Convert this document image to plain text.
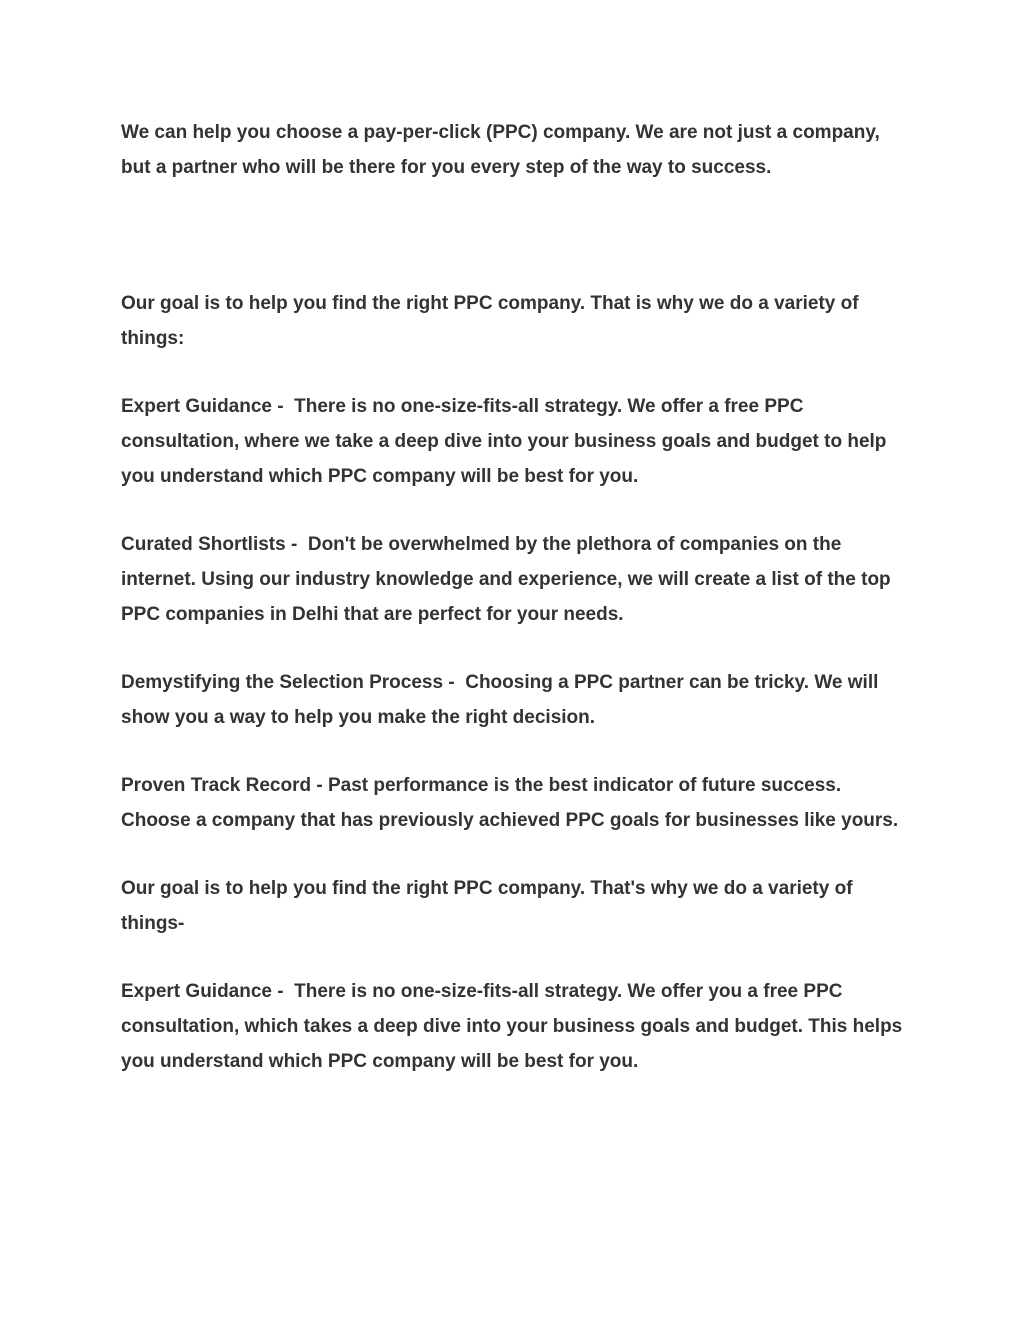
We can help you choose a pay-per-click (PPC) company. We are not just a company, but a partner who will be there for you every step of the way to success.

Our goal is to help you find the right PPC company. That is why we do a variety of things:

Expert Guidance -  There is no one-size-fits-all strategy. We offer a free PPC consultation, where we take a deep dive into your business goals and budget to help you understand which PPC company will be best for you.

Curated Shortlists -  Don't be overwhelmed by the plethora of companies on the internet. Using our industry knowledge and experience, we will create a list of the top PPC companies in Delhi that are perfect for your needs.

Demystifying the Selection Process -  Choosing a PPC partner can be tricky. We will show you a way to help you make the right decision.

Proven Track Record - Past performance is the best indicator of future success. Choose a company that has previously achieved PPC goals for businesses like yours.

Our goal is to help you find the right PPC company. That's why we do a variety of things-

Expert Guidance -  There is no one-size-fits-all strategy. We offer you a free PPC consultation, which takes a deep dive into your business goals and budget. This helps you understand which PPC company will be best for you.
